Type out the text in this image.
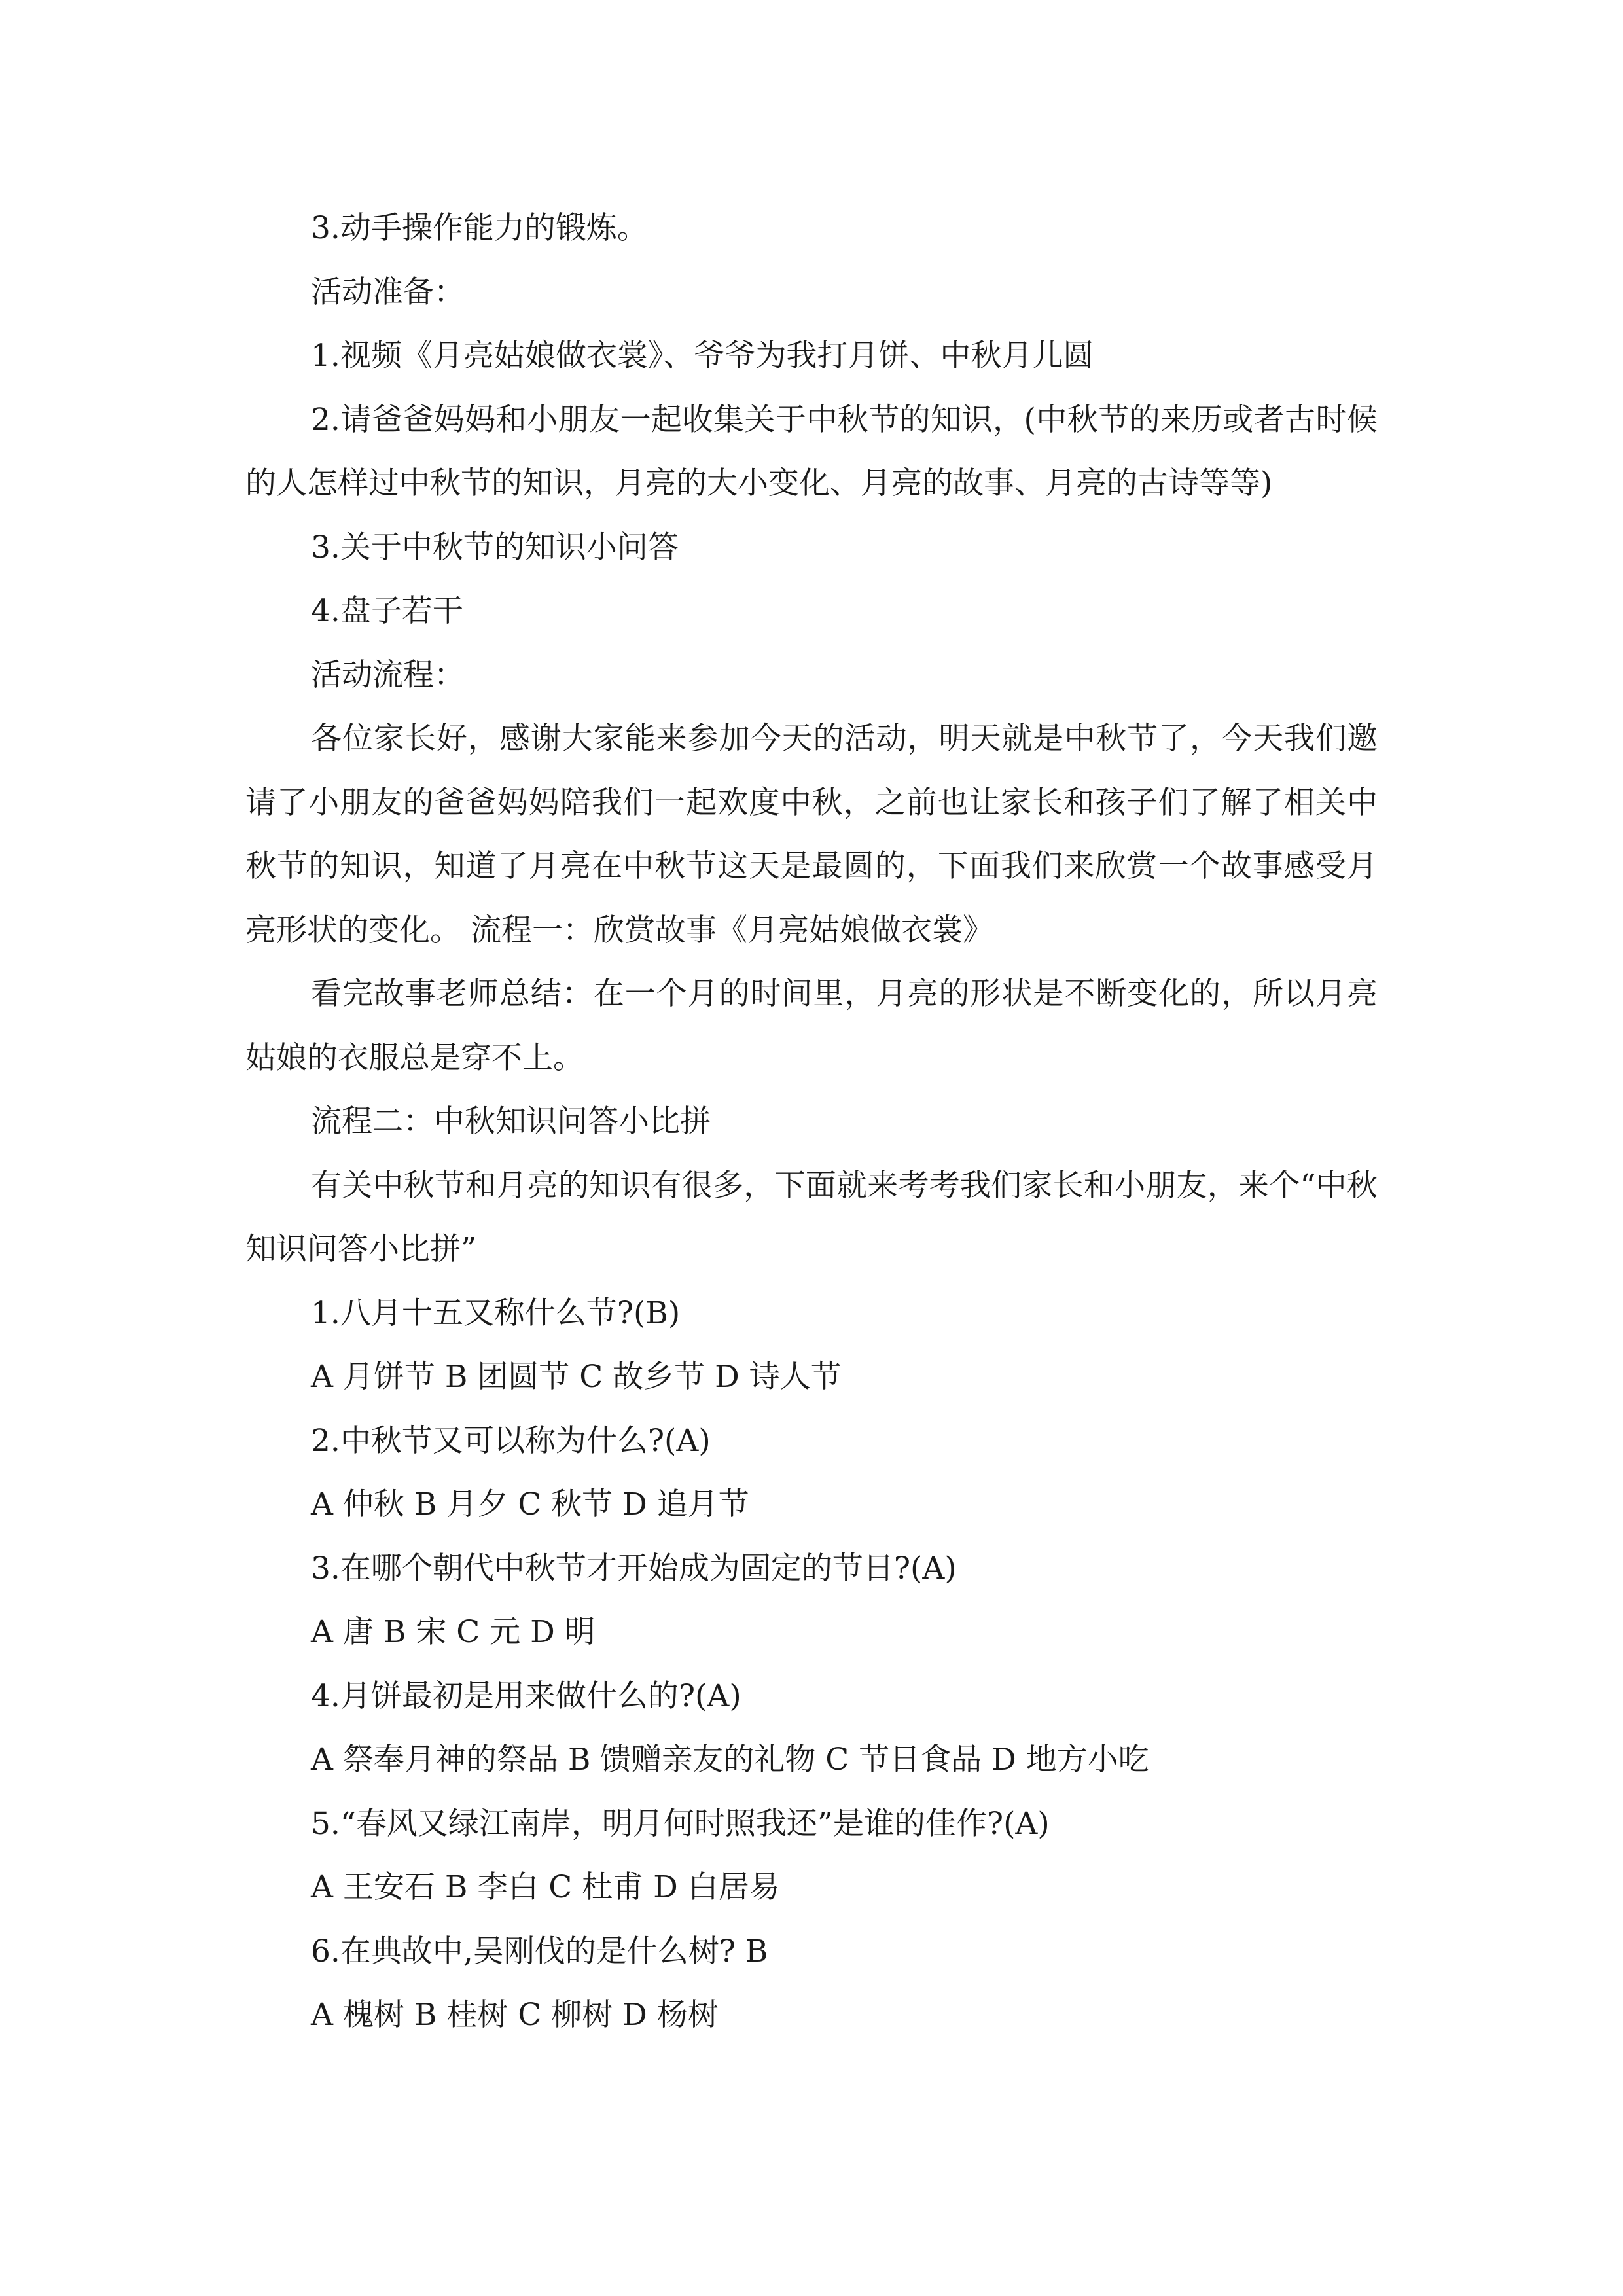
3.动手操作能力的锻炼。

活动准备：

1.视频《月亮姑娘做衣裳》、爷爷为我打月饼、中秋月儿圆

2.请爸爸妈妈和小朋友一起收集关于中秋节的知识，(中秋节的来历或者古时候的人怎样过中秋节的知识，月亮的大小变化、月亮的故事、月亮的古诗等等)

3.关于中秋节的知识小问答

4.盘子若干

活动流程：

各位家长好，感谢大家能来参加今天的活动，明天就是中秋节了，今天我们邀请了小朋友的爸爸妈妈陪我们一起欢度中秋，之前也让家长和孩子们了解了相关中秋节的知识，知道了月亮在中秋节这天是最圆的，下面我们来欣赏一个故事感受月亮形状的变化。 流程一：欣赏故事《月亮姑娘做衣裳》

看完故事老师总结：在一个月的时间里，月亮的形状是不断变化的，所以月亮姑娘的衣服总是穿不上。

流程二：中秋知识问答小比拼

有关中秋节和月亮的知识有很多，下面就来考考我们家长和小朋友，来个“中秋知识问答小比拼”

1.八月十五又称什么节?(B)

A 月饼节 B 团圆节 C 故乡节 D 诗人节

2.中秋节又可以称为什么?(A)

A 仲秋 B 月夕 C 秋节 D 追月节

3.在哪个朝代中秋节才开始成为固定的节日?(A)

A 唐 B 宋 C 元 D 明

4.月饼最初是用来做什么的?(A)

A 祭奉月神的祭品 B 馈赠亲友的礼物 C 节日食品 D 地方小吃

5.“春风又绿江南岸，明月何时照我还”是谁的佳作?(A)

A 王安石 B 李白 C 杜甫 D 白居易

6.在典故中,吴刚伐的是什么树? B

A 槐树 B 桂树 C 柳树 D 杨树
